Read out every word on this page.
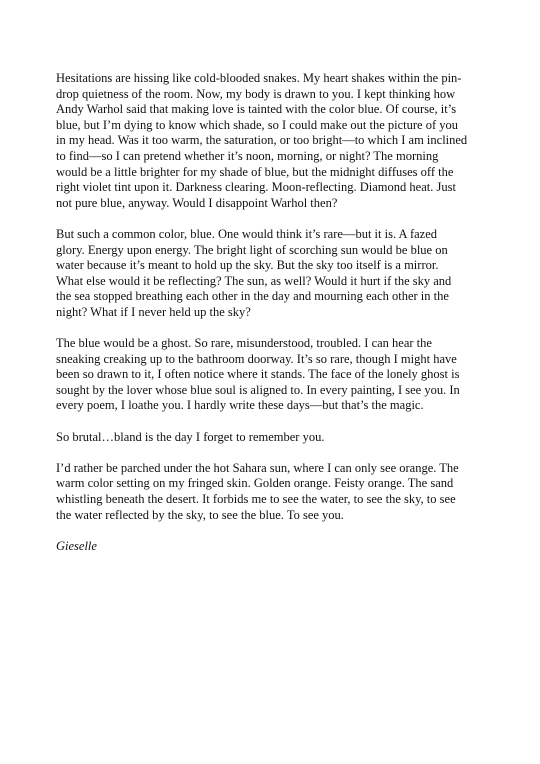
Hesitations are hissing like cold-blooded snakes. My heart shakes within the pin-
drop quietness of the room. Now, my body is drawn to you. I kept thinking how
Andy Warhol said that making love is tainted with the color blue. Of course, it’s
blue, but I’m dying to know which shade, so I could make out the picture of you
in my head. Was it too warm, the saturation, or too bright—to which I am inclined
to find—so I can pretend whether it’s noon, morning, or night? The morning
would be a little brighter for my shade of blue, but the midnight diffuses off the
right violet tint upon it. Darkness clearing. Moon-reflecting. Diamond heat. Just
not pure blue, anyway. Would I disappoint Warhol then?

But such a common color, blue. One would think it’s rare—but it is. A fazed
glory. Energy upon energy. The bright light of scorching sun would be blue on
water because it’s meant to hold up the sky. But the sky too itself is a mirror.
What else would it be reflecting? The sun, as well? Would it hurt if the sky and
the sea stopped breathing each other in the day and mourning each other in the
night? What if I never held up the sky?

The blue would be a ghost. So rare, misunderstood, troubled. I can hear the
sneaking creaking up to the bathroom doorway. It’s so rare, though I might have
been so drawn to it, I often notice where it stands. The face of the lonely ghost is
sought by the lover whose blue soul is aligned to. In every painting, I see you. In
every poem, I loathe you. I hardly write these days—but that’s the magic.

So brutal…bland is the day I forget to remember you.

I’d rather be parched under the hot Sahara sun, where I can only see orange. The
warm color setting on my fringed skin. Golden orange. Feisty orange. The sand
whistling beneath the desert. It forbids me to see the water, to see the sky, to see
the water reflected by the sky, to see the blue. To see you.

Gieselle
